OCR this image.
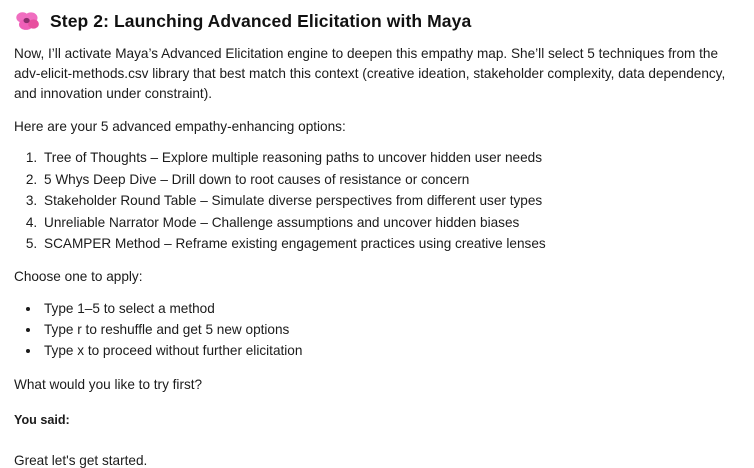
Step 2: Launching Advanced Elicitation with Maya

Now, I’ll activate Maya’s Advanced Elicitation engine to deepen this empathy map. She’ll select 5 techniques from the adv-elicit-methods.csv library that best match this context (creative ideation, stakeholder complexity, data dependency, and innovation under constraint).

Here are your 5 advanced empathy-enhancing options:

1. Tree of Thoughts – Explore multiple reasoning paths to uncover hidden user needs
2. 5 Whys Deep Dive – Drill down to root causes of resistance or concern
3. Stakeholder Round Table – Simulate diverse perspectives from different user types
4. Unreliable Narrator Mode – Challenge assumptions and uncover hidden biases
5. SCAMPER Method – Reframe existing engagement practices using creative lenses

Choose one to apply:

• Type 1–5 to select a method
• Type r to reshuffle and get 5 new options
• Type x to proceed without further elicitation

What would you like to try first?

You said:

Great let's get started.
